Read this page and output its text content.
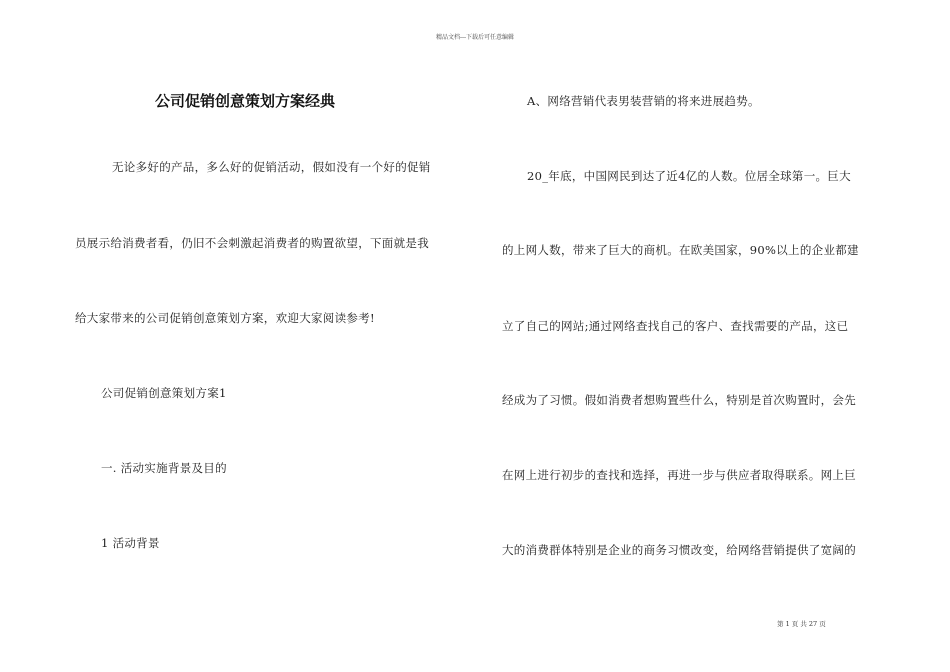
精品文档---下载后可任意编辑
公司促销创意策划方案经典
无论多好的产品，多么好的促销活动，假如没有一个好的促销
员展示给消费者看，仍旧不会刺激起消费者的购置欲望，下面就是我
给大家带来的公司促销创意策划方案，欢迎大家阅读参考!
公司促销创意策划方案1
一. 活动实施背景及目的
1 活动背景
A、网络营销代表男装营销的将来进展趋势。
20_年底，中国网民到达了近4亿的人数。位居全球第一。巨大
的上网人数，带来了巨大的商机。在欧美国家，90%以上的企业都建
立了自己的网站;通过网络查找自己的客户、查找需要的产品，这已
经成为了习惯。假如消费者想购置些什么，特别是首次购置时，会先
在网上进行初步的查找和选择，再进一步与供应者取得联系。网上巨
大的消费群体特别是企业的商务习惯改变，给网络营销提供了宽阔的
第 1 页 共 27 页
